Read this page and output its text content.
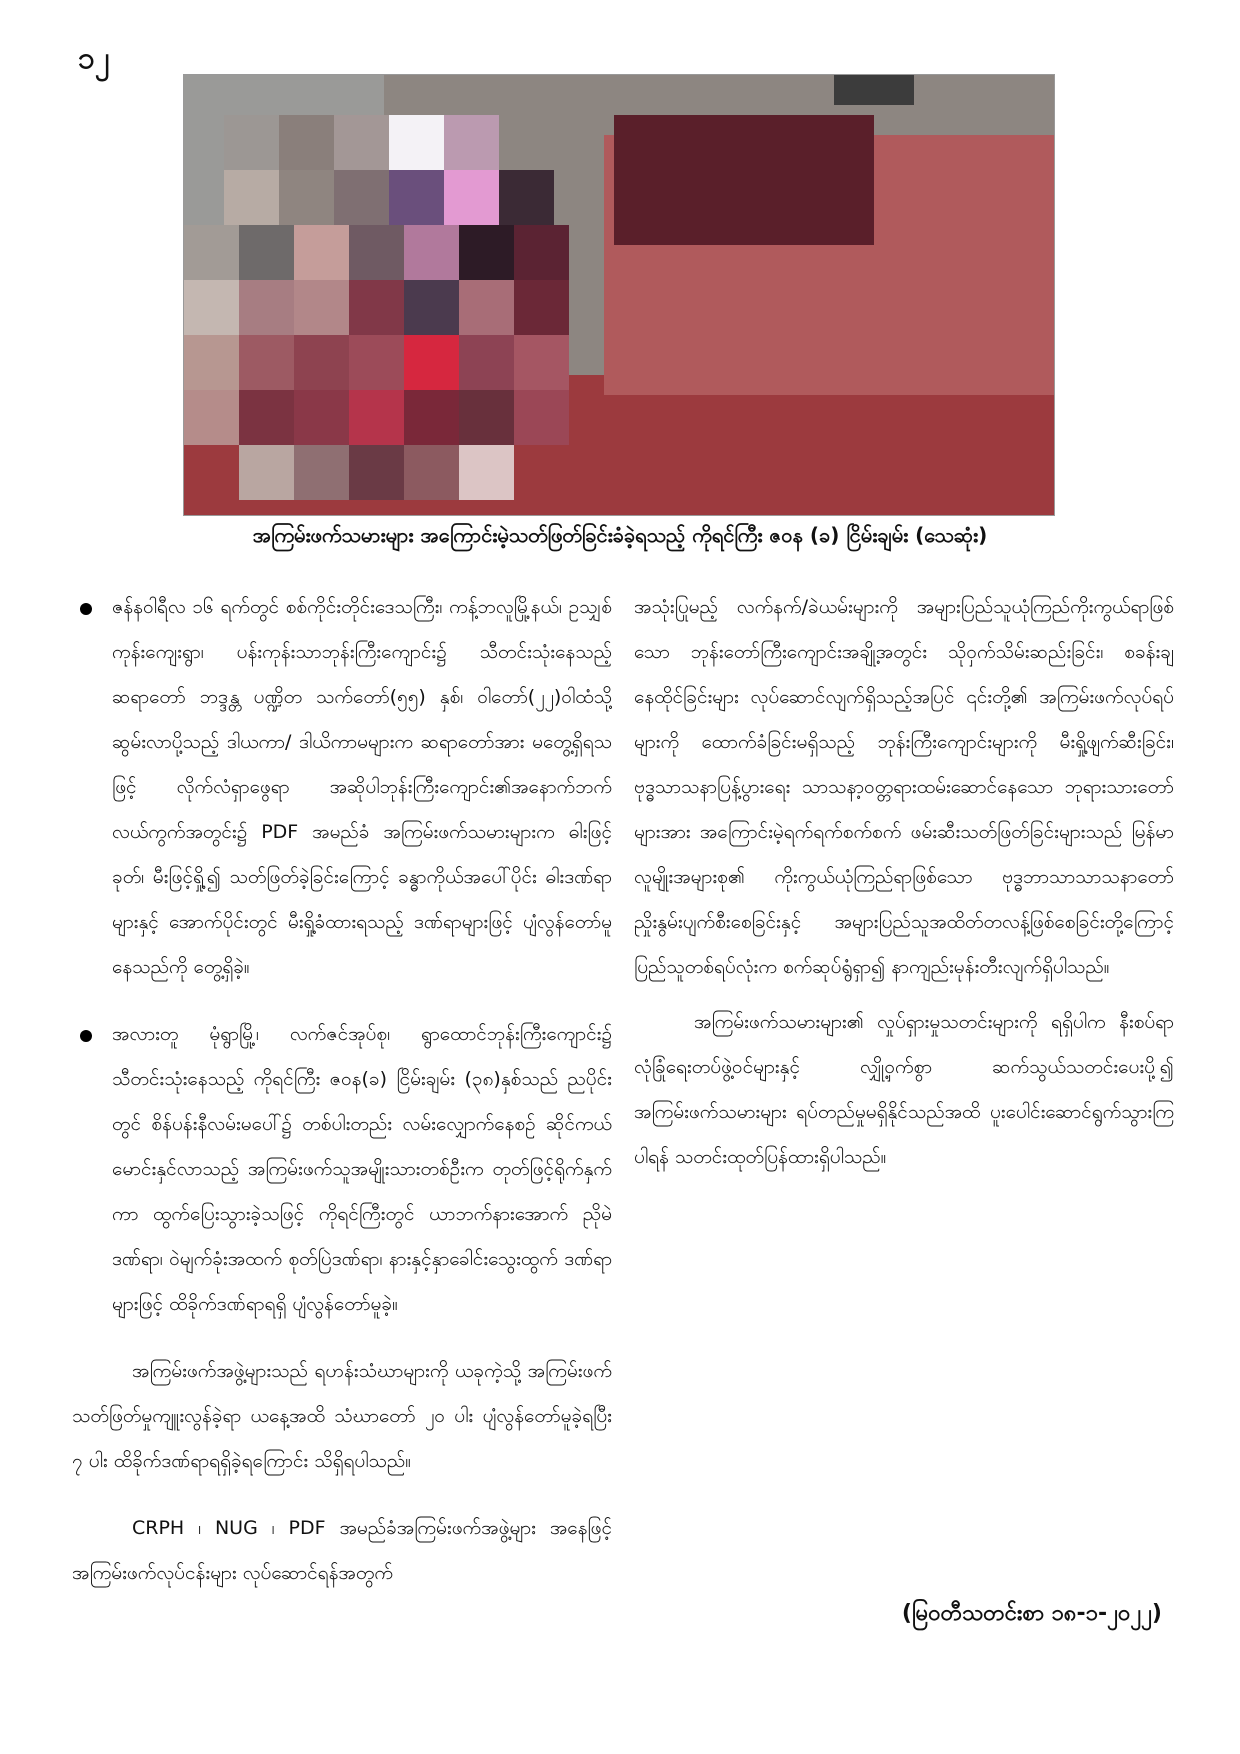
၁၂
အကြမ်းဖက်သမားများ အကြောင်းမဲ့သတ်ဖြတ်ခြင်းခံခဲ့ရသည့် ကိုရင်ကြီး ဇဝန (ခ) ငြိမ်းချမ်း (သေဆုံး)
ဇန်နဝါရီလ ၁၆ ရက်တွင် စစ်ကိုင်းတိုင်းဒေသကြီး၊ ကန့်ဘလူမြို့နယ်၊ ဥသျှစ်ကုန်းကျေးရွာ၊ ပန်းကုန်းသာဘုန်းကြီးကျောင်း၌ သီတင်းသုံးနေသည့် ဆရာတော် ဘဒ္ဒန္တ ပဏ္ဍိတ သက်တော်(၅၅) နှစ်၊ ဝါတော်(၂၂)ဝါထံသို့ ဆွမ်းလာပို့သည့် ဒါယကာ/ ဒါယိကာမများက ဆရာတော်အား မတွေ့ရှိရသဖြင့် လိုက်လံရှာဖွေရာ အဆိုပါဘုန်းကြီးကျောင်း၏အနောက်ဘက် လယ်ကွက်အတွင်း၌ PDF အမည်ခံ အကြမ်းဖက်သမားများက ဓါးဖြင့်ခုတ်၊ မီးဖြင့်ရှို့၍ သတ်ဖြတ်ခဲ့ခြင်းကြောင့် ခန္ဓာကိုယ်အပေါ်ပိုင်း ဓါးဒဏ်ရာများနှင့် အောက်ပိုင်းတွင် မီးရှို့ခံထားရသည့် ဒဏ်ရာများဖြင့် ပျံလွန်တော်မူနေသည်ကို တွေ့ရှိခဲ့။
အလားတူ မုံရွာမြို့၊ လက်ဇင်အုပ်စု၊ ရွာထောင်ဘုန်းကြီးကျောင်း၌ သီတင်းသုံးနေသည့် ကိုရင်ကြီး ဇဝန(ခ) ငြိမ်းချမ်း (၃၈)နှစ်သည် ညပိုင်းတွင် စိန်ပန်းနီလမ်းမပေါ်၌ တစ်ပါးတည်း လမ်းလျှောက်နေစဉ် ဆိုင်ကယ်မောင်းနှင်လာသည့် အကြမ်းဖက်သူအမျိုးသားတစ်ဦးက တုတ်ဖြင့်ရိုက်နှက်ကာ ထွက်ပြေးသွားခဲ့သဖြင့် ကိုရင်ကြီးတွင် ယာဘက်နားအောက် ညိုမဲဒဏ်ရာ၊ ဝဲမျက်ခုံးအထက် စုတ်ပြဲဒဏ်ရာ၊ နားနှင့်နှာခေါင်းသွေးထွက် ဒဏ်ရာများဖြင့် ထိခိုက်ဒဏ်ရာရရှိ ပျံလွန်တော်မူခဲ့။

အကြမ်းဖက်အဖွဲ့များသည် ရဟန်းသံဃာများကို ယခုကဲ့သို့ အကြမ်းဖက်သတ်ဖြတ်မှုကျူးလွန်ခဲ့ရာ ယနေ့အထိ သံဃာတော် ၂၀ ပါး ပျံလွန်တော်မူခဲ့ရပြီး ၇ ပါး ထိခိုက်ဒဏ်ရာရရှိခဲ့ရကြောင်း သိရှိရပါသည်။

CRPH ၊ NUG ၊ PDF အမည်ခံအကြမ်းဖက်အဖွဲ့များ အနေဖြင့် အကြမ်းဖက်လုပ်ငန်းများ လုပ်ဆောင်ရန်အတွက်

အသုံးပြုမည့် လက်နက်/ခဲယမ်းများကို အများပြည်သူယုံကြည်ကိုးကွယ်ရာဖြစ်သော ဘုန်းတော်ကြီးကျောင်းအချို့အတွင်း သိုဝှက်သိမ်းဆည်းခြင်း၊ စခန်းချနေထိုင်ခြင်းများ လုပ်ဆောင်လျက်ရှိသည့်အပြင် ၎င်းတို့၏ အကြမ်းဖက်လုပ်ရပ်များကို ထောက်ခံခြင်းမရှိသည့် ဘုန်းကြီးကျောင်းများကို မီးရှို့ဖျက်ဆီးခြင်း၊ ဗုဒ္ဓသာသနာပြန့်ပွားရေး သာသနာ့ဝတ္တရားထမ်းဆောင်နေသော ဘုရားသားတော်များအား အကြောင်းမဲ့ရက်ရက်စက်စက် ဖမ်းဆီးသတ်ဖြတ်ခြင်းများသည် မြန်မာလူမျိုးအများစု၏ ကိုးကွယ်ယုံကြည်ရာဖြစ်သော ဗုဒ္ဓဘာသာသာသနာတော် ညှိုးနွမ်းပျက်စီးစေခြင်းနှင့် အများပြည်သူအထိတ်တလန့်ဖြစ်စေခြင်းတို့ကြောင့် ပြည်သူတစ်ရပ်လုံးက စက်ဆုပ်ရွံရှာ၍ နာကျည်းမုန်းတီးလျက်ရှိပါသည်။

အကြမ်းဖက်သမားများ၏ လှုပ်ရှားမှုသတင်းများကို ရရှိပါက နီးစပ်ရာ လုံခြုံရေးတပ်ဖွဲ့ဝင်များနှင့် လျှို့ဝှက်စွာ ဆက်သွယ်သတင်းပေးပို့၍ အကြမ်းဖက်သမားများ ရပ်တည်မှုမရှိနိုင်သည်အထိ ပူးပေါင်းဆောင်ရွက်သွားကြပါရန် သတင်းထုတ်ပြန်ထားရှိပါသည်။

(မြဝတီသတင်းစာ ၁၈-၁-၂၀၂၂)
